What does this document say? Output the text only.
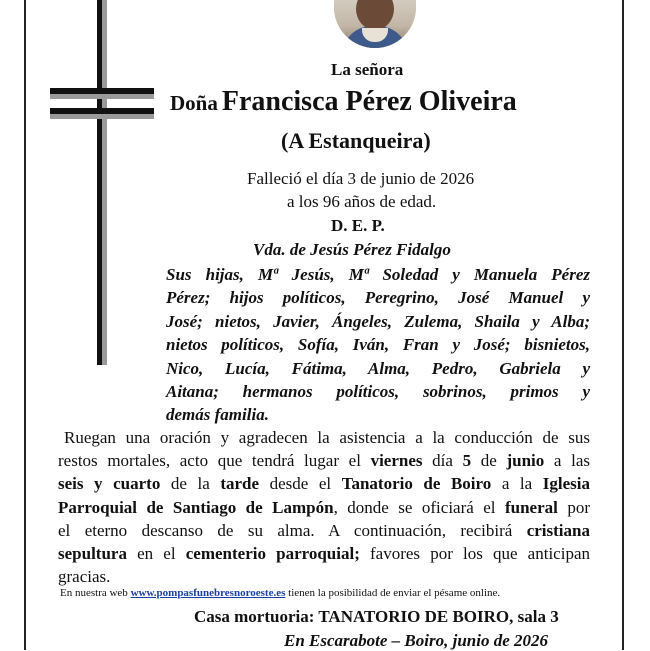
La señora
Doña Francisca Pérez Oliveira
(A Estanqueira)
Falleció el día 3 de junio de 2026
a los 96 años de edad.
D. E. P.
Vda. de Jesús Pérez Fidalgo
Sus hijas, Mª Jesús, Mª Soledad y Manuela Pérez
Pérez; hijos políticos, Peregrino, José Manuel y
José; nietos, Javier, Ángeles, Zulema, Shaila y Alba;
nietos políticos, Sofía, Iván, Fran y José; bisnietos,
Nico, Lucía, Fátima, Alma, Pedro, Gabriela y
Aitana; hermanos políticos, sobrinos, primos y
demás familia.
Ruegan una oración y agradecen la asistencia a la conducción de sus
restos mortales, acto que tendrá lugar el viernes día 5 de junio a las
seis y cuarto de la tarde desde el Tanatorio de Boiro a la Iglesia
Parroquial de Santiago de Lampón, donde se oficiará el funeral por
el eterno descanso de su alma. A continuación, recibirá cristiana
sepultura en el cementerio parroquial; favores por los que anticipan
gracias.
En nuestra web www.pompasfunebresnoroeste.es tienen la posibilidad de enviar el pésame online.
Casa mortuoria: TANATORIO DE BOIRO, sala 3
En Escarabote – Boiro, junio de 2026
